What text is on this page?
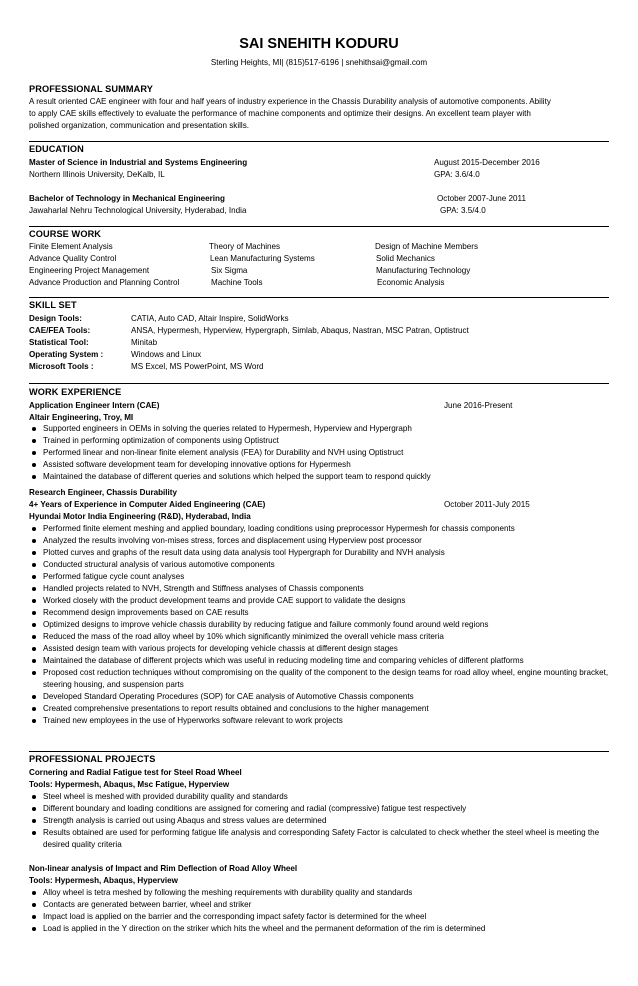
SAI SNEHITH KODURU
Sterling Heights, MI| (815)517-6196 | snehithsai@gmail.com
PROFESSIONAL SUMMARY
A result oriented CAE engineer with four and half years of industry experience in the Chassis Durability analysis of automotive components. Ability
to apply CAE skills effectively to evaluate the performance of machine components and optimize their designs. An excellent team player with
polished organization, communication and presentation skills.
EDUCATION
Master of Science in Industrial and Systems Engineering	August 2015-December 2016
Northern Illinois University, DeKalb, IL	GPA: 3.6/4.0
Bachelor of Technology in Mechanical Engineering	October 2007-June 2011
Jawaharlal Nehru Technological University, Hyderabad, India	GPA: 3.5/4.0
COURSE WORK
Finite Element Analysis	Theory of Machines	Design of Machine Members
Advance Quality Control	Lean Manufacturing Systems	Solid Mechanics
Engineering Project Management	Six Sigma	Manufacturing Technology
Advance Production and Planning Control	Machine Tools	Economic Analysis
SKILL SET
Design Tools:	CATIA, Auto CAD, Altair Inspire, SolidWorks
CAE/FEA Tools:	ANSA, Hypermesh, Hyperview, Hypergraph, Simlab, Abaqus, Nastran, MSC Patran, Optistruct
Statistical Tool:	Minitab
Operating System :	Windows and Linux
Microsoft Tools :	MS Excel, MS PowerPoint, MS Word
WORK EXPERIENCE
Application Engineer Intern (CAE)	June 2016-Present
Altair Engineering, Troy, MI
Supported engineers in OEMs in solving the queries related to Hypermesh, Hyperview and Hypergraph
Trained in performing optimization of components using Optistruct
Performed linear and non-linear finite element analysis (FEA) for Durability and NVH using Optistruct
Assisted software development team for developing innovative options for Hypermesh
Maintained the database of different queries and solutions which helped the support team to respond quickly
Research Engineer, Chassis Durability
4+ Years of Experience in Computer Aided Engineering (CAE)	October 2011-July 2015
Hyundai Motor India Engineering (R&D), Hyderabad, India
Performed finite element meshing and applied boundary, loading conditions using preprocessor Hypermesh for chassis components
Analyzed the results involving von-mises stress, forces and displacement using Hyperview post processor
Plotted curves and graphs of the result data using data analysis tool Hypergraph for Durability and NVH analysis
Conducted structural analysis of various automotive components
Performed fatigue cycle count analyses
Handled projects related to NVH, Strength and Stiffness analyses of Chassis components
Worked closely with the product development teams and provide CAE support to validate the designs
Recommend design improvements based on CAE results
Optimized designs to improve vehicle chassis durability by reducing fatigue and failure commonly found around weld regions
Reduced the mass of the road alloy wheel by 10% which significantly minimized the overall vehicle mass criteria
Assisted design team with various projects for developing vehicle chassis at different design stages
Maintained the database of different projects which was useful in reducing modeling time and comparing vehicles of different platforms
Proposed cost reduction techniques without compromising on the quality of the component to the design teams for road alloy wheel, engine mounting bracket, steering housing, and suspension parts
Developed Standard Operating Procedures (SOP) for CAE analysis of Automotive Chassis components
Created comprehensive presentations to report results obtained and conclusions to the higher management
Trained new employees in the use of Hyperworks software relevant to work projects
PROFESSIONAL PROJECTS
Cornering and Radial Fatigue test for Steel Road Wheel
Tools: Hypermesh, Abaqus, Msc Fatigue, Hyperview
Steel wheel is meshed with provided durability quality and standards
Different boundary and loading conditions are assigned for cornering and radial (compressive) fatigue test respectively
Strength analysis is carried out using Abaqus and stress values are determined
Results obtained are used for performing fatigue life analysis and corresponding Safety Factor is calculated to check whether the steel wheel is meeting the desired quality criteria
Non-linear analysis of Impact and Rim Deflection of Road Alloy Wheel
Tools: Hypermesh, Abaqus, Hyperview
Alloy wheel is tetra meshed by following the meshing requirements with durability quality and standards
Contacts are generated between barrier, wheel and striker
Impact load is applied on the barrier and the corresponding impact safety factor is determined for the wheel
Load is applied in the Y direction on the striker which hits the wheel and the permanent deformation of the rim is determined
